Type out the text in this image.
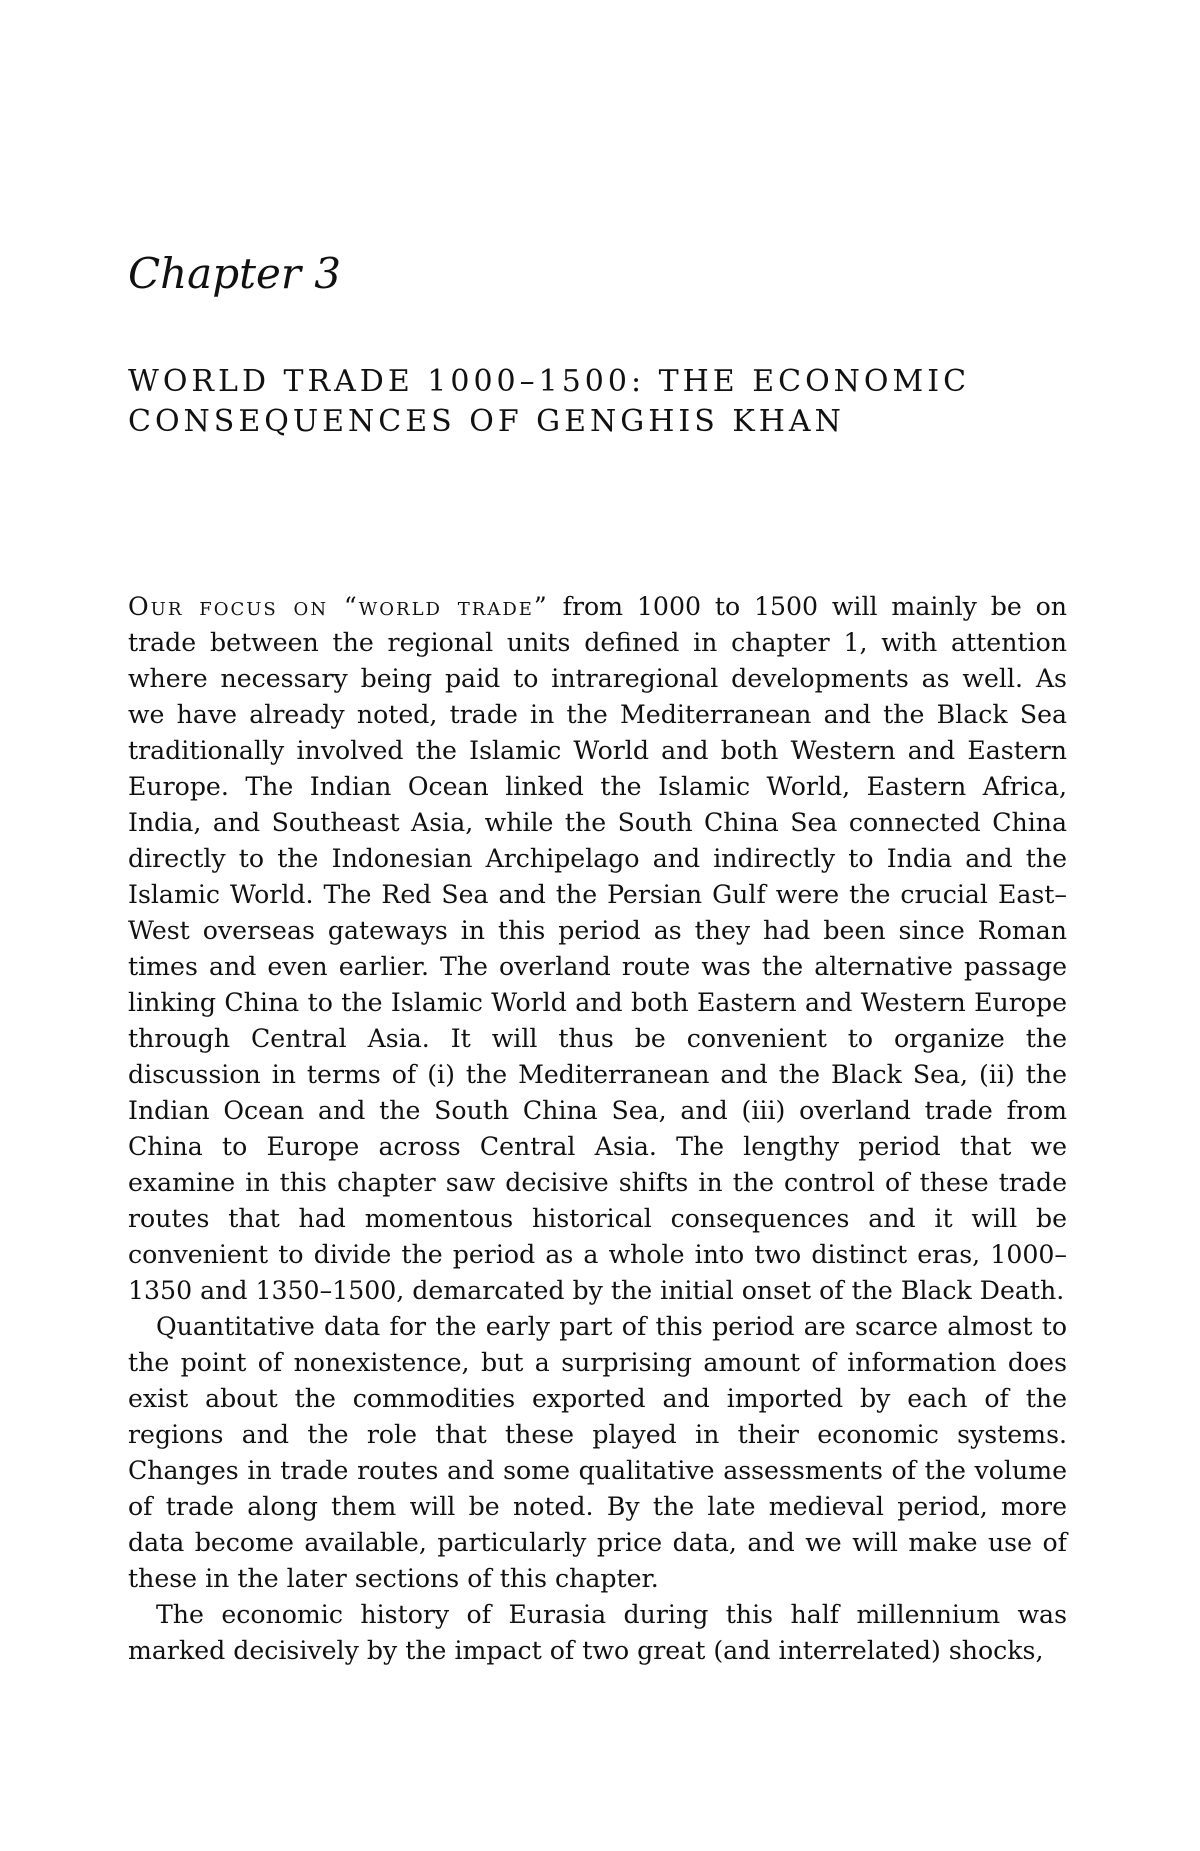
Chapter 3
WORLD TRADE 1000–1500: THE ECONOMIC
CONSEQUENCES OF GENGHIS KHAN

Our focus on “world trade” from 1000 to 1500 will mainly be on trade between the regional units defined in chapter 1, with attention where necessary being paid to intraregional developments as well. As we have already noted, trade in the Mediterranean and the Black Sea traditionally involved the Islamic World and both Western and Eastern Europe. The Indian Ocean linked the Islamic World, Eastern Africa, India, and Southeast Asia, while the South China Sea connected China directly to the Indonesian Archipelago and indirectly to India and the Islamic World. The Red Sea and the Persian Gulf were the crucial East–West overseas gateways in this period as they had been since Roman times and even earlier. The overland route was the alternative passage linking China to the Islamic World and both Eastern and Western Europe through Central Asia. It will thus be convenient to organize the discussion in terms of (i) the Mediterranean and the Black Sea, (ii) the Indian Ocean and the South China Sea, and (iii) overland trade from China to Europe across Central Asia. The lengthy period that we examine in this chapter saw decisive shifts in the control of these trade routes that had momentous historical consequences and it will be convenient to divide the period as a whole into two distinct eras, 1000–1350 and 1350–1500, demarcated by the initial onset of the Black Death.

Quantitative data for the early part of this period are scarce almost to the point of nonexistence, but a surprising amount of information does exist about the commodities exported and imported by each of the regions and the role that these played in their economic systems. Changes in trade routes and some qualitative assessments of the volume of trade along them will be noted. By the late medieval period, more data become available, particularly price data, and we will make use of these in the later sections of this chapter.

The economic history of Eurasia during this half millennium was marked decisively by the impact of two great (and interrelated) shocks,
